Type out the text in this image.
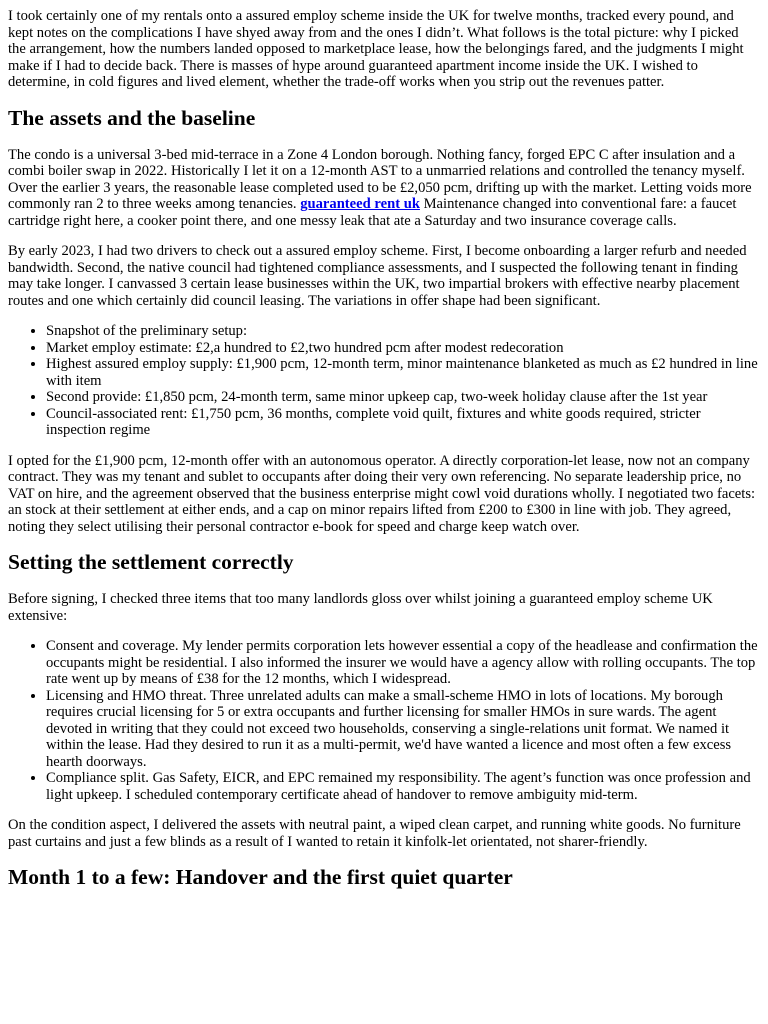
I took certainly one of my rentals onto a assured employ scheme inside the UK for twelve months, tracked every pound, and kept notes on the complications I have shyed away from and the ones I didn’t. What follows is the total picture: why I picked the arrangement, how the numbers landed opposed to marketplace lease, how the belongings fared, and the judgments I might make if I had to decide back. There is masses of hype around guaranteed apartment income inside the UK. I wished to determine, in cold figures and lived element, whether the trade-off works when you strip out the revenues patter.

The assets and the baseline

The condo is a universal 3-bed mid-terrace in a Zone 4 London borough. Nothing fancy, forged EPC C after insulation and a combi boiler swap in 2022. Historically I let it on a 12-month AST to a unmarried relations and controlled the tenancy myself. Over the earlier 3 years, the reasonable lease completed used to be £2,050 pcm, drifting up with the market. Letting voids more commonly ran 2 to three weeks among tenancies. guaranteed rent uk Maintenance changed into conventional fare: a faucet cartridge right here, a cooker point there, and one messy leak that ate a Saturday and two insurance coverage calls.

By early 2023, I had two drivers to check out a assured employ scheme. First, I become onboarding a larger refurb and needed bandwidth. Second, the native council had tightened compliance assessments, and I suspected the following tenant in finding may take longer. I canvassed 3 certain lease businesses within the UK, two impartial brokers with effective nearby placement routes and one which certainly did council leasing. The variations in offer shape had been significant.

• Snapshot of the preliminary setup:
• Market employ estimate: £2,a hundred to £2,two hundred pcm after modest redecoration
• Highest assured employ supply: £1,900 pcm, 12-month term, minor maintenance blanketed as much as £2 hundred in line with item
• Second provide: £1,850 pcm, 24-month term, same minor upkeep cap, two-week holiday clause after the 1st year
• Council-associated rent: £1,750 pcm, 36 months, complete void quilt, fixtures and white goods required, stricter inspection regime

I opted for the £1,900 pcm, 12-month offer with an autonomous operator. A directly corporation-let lease, now not an company contract. They was my tenant and sublet to occupants after doing their very own referencing. No separate leadership price, no VAT on hire, and the agreement observed that the business enterprise might cowl void durations wholly. I negotiated two facets: an stock at their settlement at either ends, and a cap on minor repairs lifted from £200 to £300 in line with job. They agreed, noting they select utilising their personal contractor e-book for speed and charge keep watch over.

Setting the settlement correctly

Before signing, I checked three items that too many landlords gloss over whilst joining a guaranteed employ scheme UK extensive:

• Consent and coverage. My lender permits corporation lets however essential a copy of the headlease and confirmation the occupants might be residential. I also informed the insurer we would have a agency allow with rolling occupants. The top rate went up by means of £38 for the 12 months, which I widespread.
• Licensing and HMO threat. Three unrelated adults can make a small-scheme HMO in lots of locations. My borough requires crucial licensing for 5 or extra occupants and further licensing for smaller HMOs in sure wards. The agent devoted in writing that they could not exceed two households, conserving a single-relations unit format. We named it within the lease. Had they desired to run it as a multi-permit, we'd have wanted a licence and most often a few excess hearth doorways.
• Compliance split. Gas Safety, EICR, and EPC remained my responsibility. The agent’s function was once profession and light upkeep. I scheduled contemporary certificate ahead of handover to remove ambiguity mid-term.

On the condition aspect, I delivered the assets with neutral paint, a wiped clean carpet, and running white goods. No furniture past curtains and just a few blinds as a result of I wanted to retain it kinfolk-let orientated, not sharer-friendly.

Month 1 to a few: Handover and the first quiet quarter
